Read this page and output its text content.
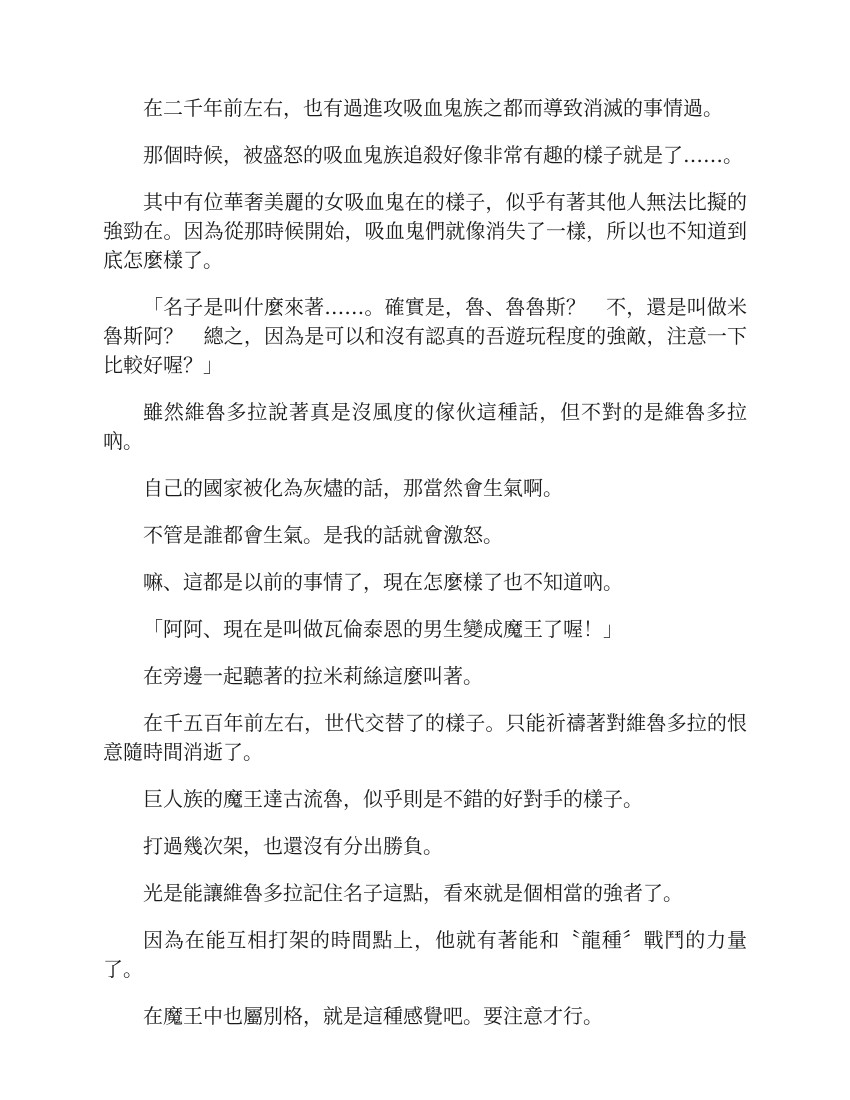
在二千年前左右，也有過進攻吸血鬼族之都而導致消滅的事情過。

那個時候，被盛怒的吸血鬼族追殺好像非常有趣的樣子就是了……。

其中有位華奢美麗的女吸血鬼在的樣子，似乎有著其他人無法比擬的強勁在。因為從那時候開始，吸血鬼們就像消失了一樣，所以也不知道到底怎麼樣了。

「名子是叫什麼來著……。確實是，魯、魯魯斯？　不，還是叫做米魯斯阿？　總之，因為是可以和沒有認真的吾遊玩程度的強敵，注意一下比較好喔？」

雖然維魯多拉說著真是沒風度的傢伙這種話，但不對的是維魯多拉吶。

自己的國家被化為灰燼的話，那當然會生氣啊。

不管是誰都會生氣。是我的話就會激怒。

嘛、這都是以前的事情了，現在怎麼樣了也不知道吶。

「阿阿、現在是叫做瓦倫泰恩的男生變成魔王了喔！」

在旁邊一起聽著的拉米莉絲這麼叫著。

在千五百年前左右，世代交替了的樣子。只能祈禱著對維魯多拉的恨意隨時間消逝了。

巨人族的魔王達古流魯，似乎則是不錯的好對手的樣子。

打過幾次架，也還沒有分出勝負。

光是能讓維魯多拉記住名子這點，看來就是個相當的強者了。

因為在能互相打架的時間點上，他就有著能和〝龍種〞戰鬥的力量了。

在魔王中也屬別格，就是這種感覺吧。要注意才行。
